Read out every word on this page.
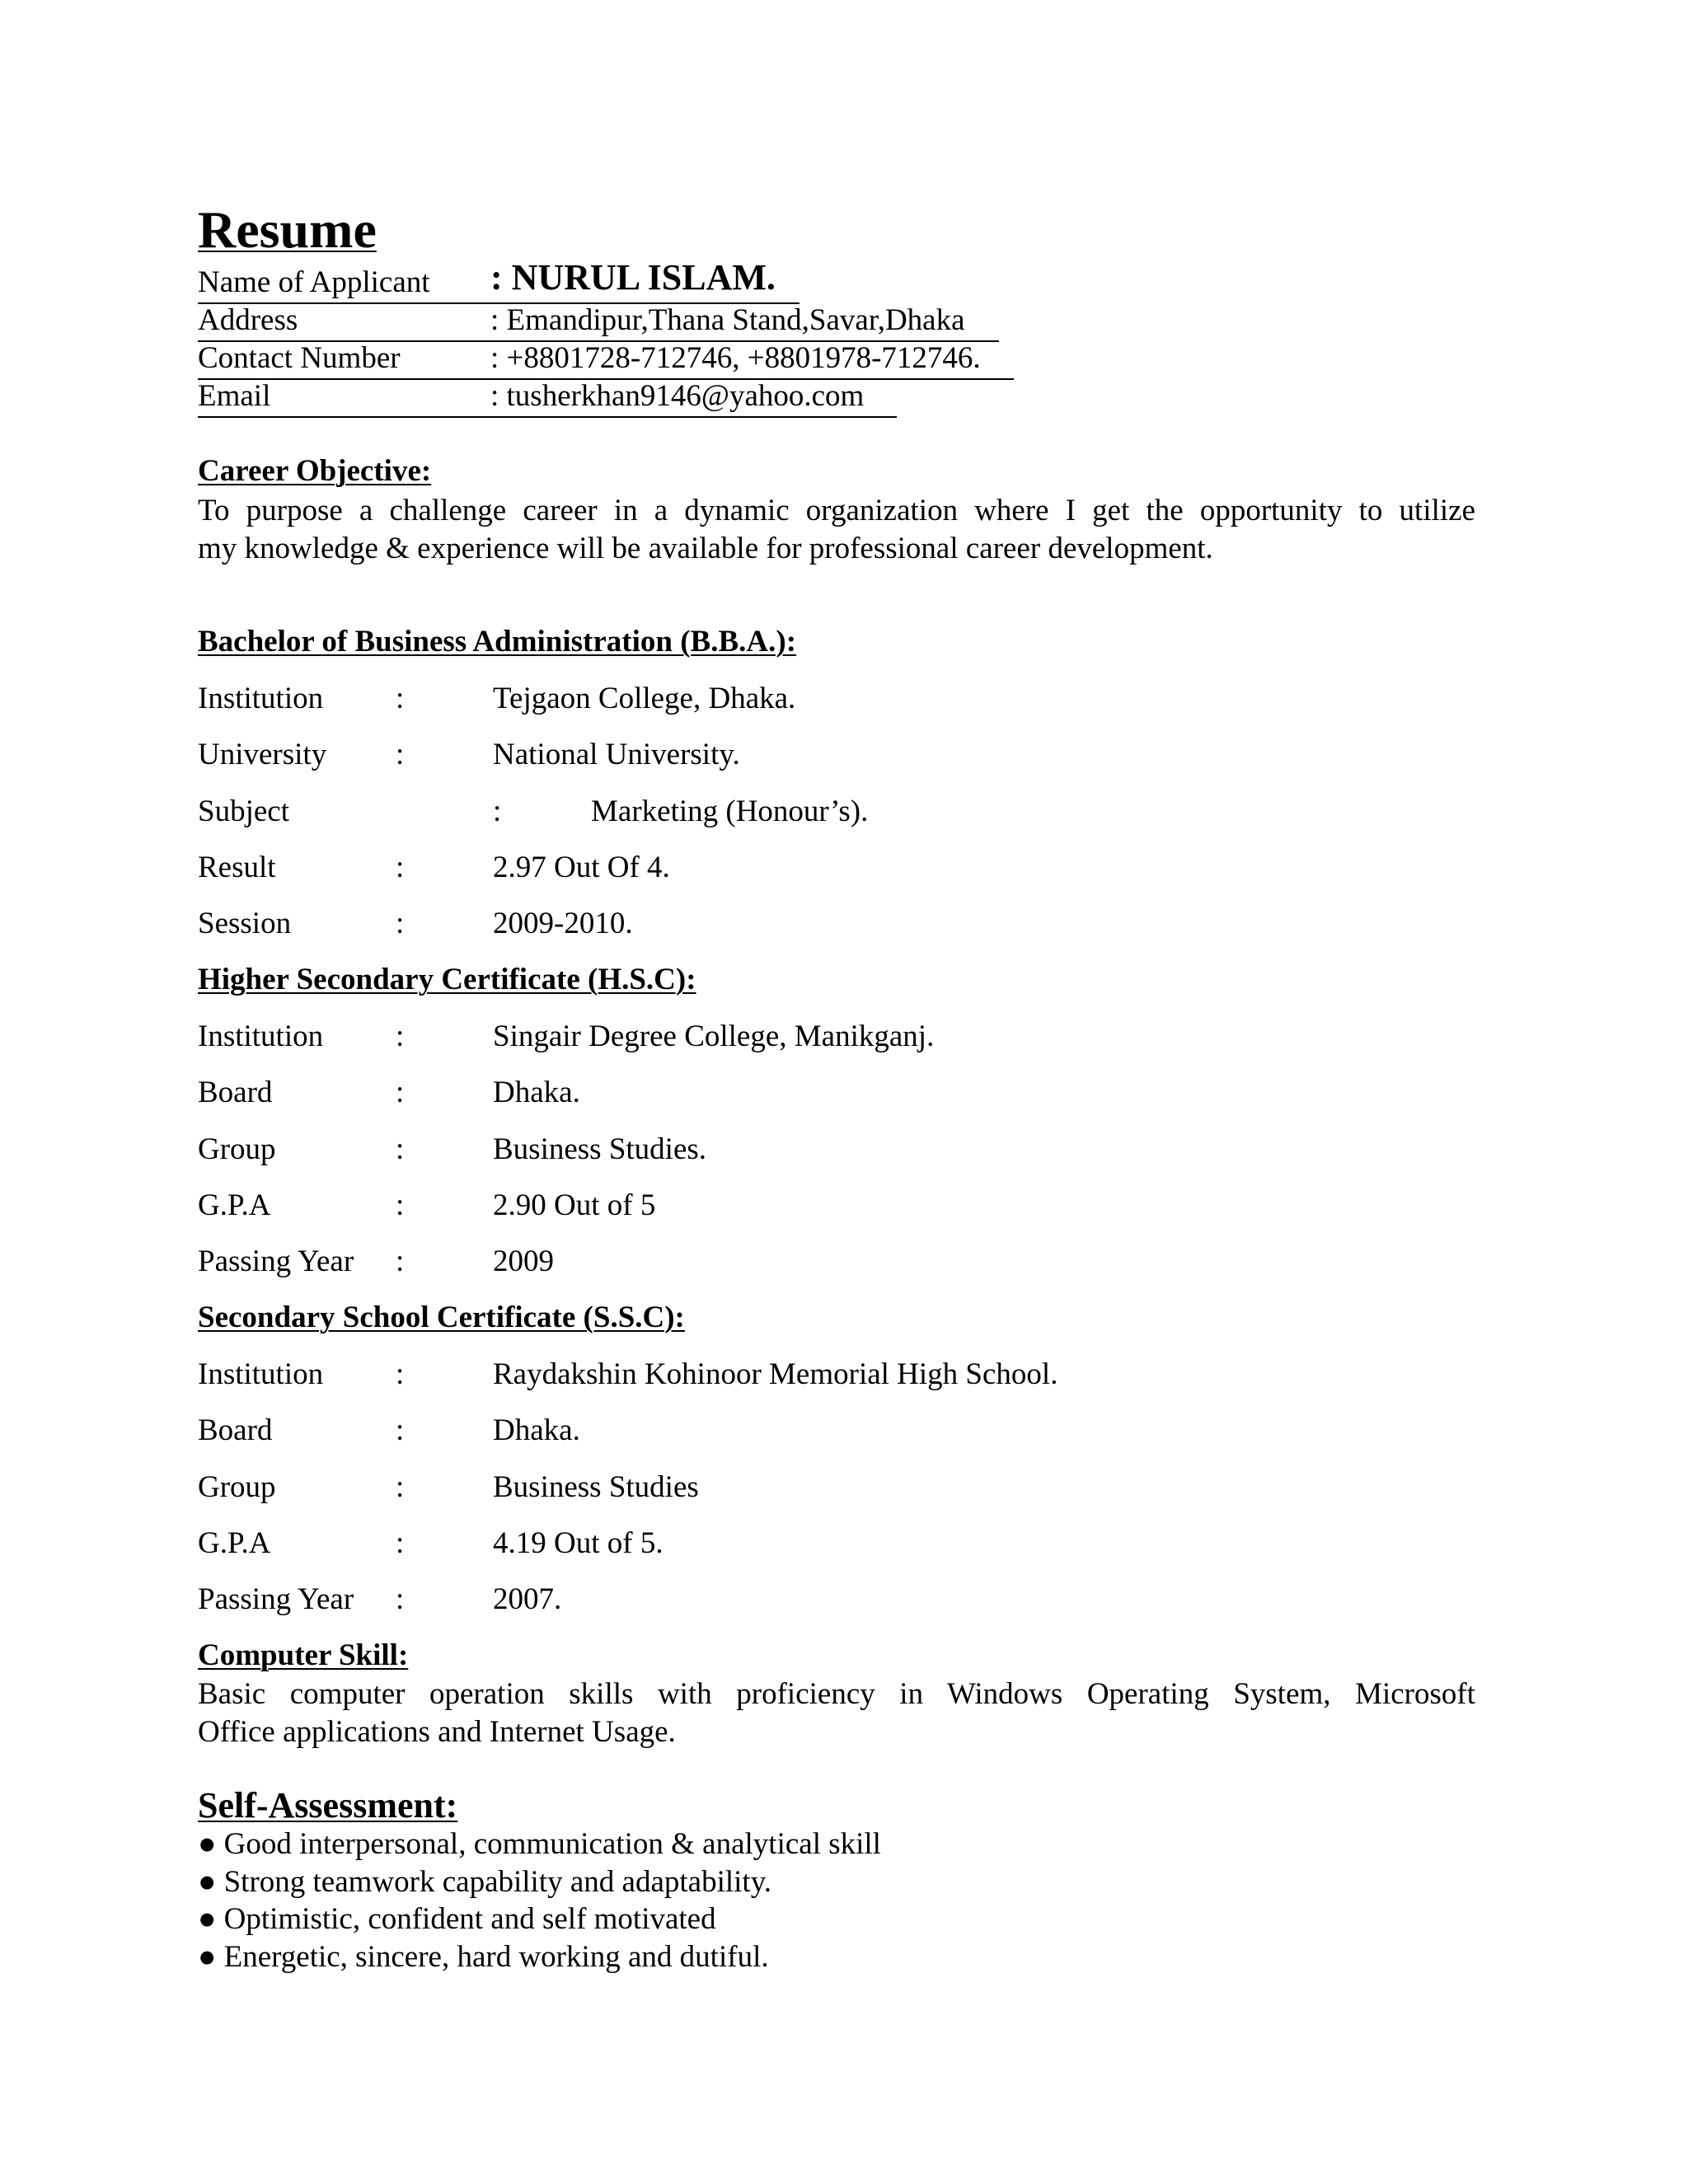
Resume
Name of Applicant : NURUL ISLAM.
Address	: Emandipur,Thana Stand,Savar,Dhaka
Contact Number	: +8801728-712746, +8801978-712746.
Email	: tusherkhan9146@yahoo.com
Career Objective:
To purpose a challenge career in a dynamic organization where I get the opportunity to utilize
my knowledge & experience will be available for professional career development.
Bachelor of Business Administration (B.B.A.):
Institution :	Tejgaon College, Dhaka.
University :	National University.
Subject	:	Marketing (Honour’s).
Result	:	2.97 Out Of 4.
Session	:	2009-2010.
Higher Secondary Certificate (H.S.C):
Institution :	Singair Degree College, Manikganj.
Board	:	Dhaka.
Group	:	Business Studies.
G.P.A	:	2.90 Out of 5
Passing Year :	2009
Secondary School Certificate (S.S.C):
Institution :	Raydakshin Kohinoor Memorial High School.
Board	:	Dhaka.
Group	:	Business Studies
G.P.A	:	4.19 Out of 5.
Passing Year :	2007.
Computer Skill:
Basic computer operation skills with proficiency in Windows Operating System, Microsoft
Office applications and Internet Usage.
Self-Assessment:
● Good interpersonal, communication & analytical skill
● Strong teamwork capability and adaptability.
● Optimistic, confident and self motivated
● Energetic, sincere, hard working and dutiful.
